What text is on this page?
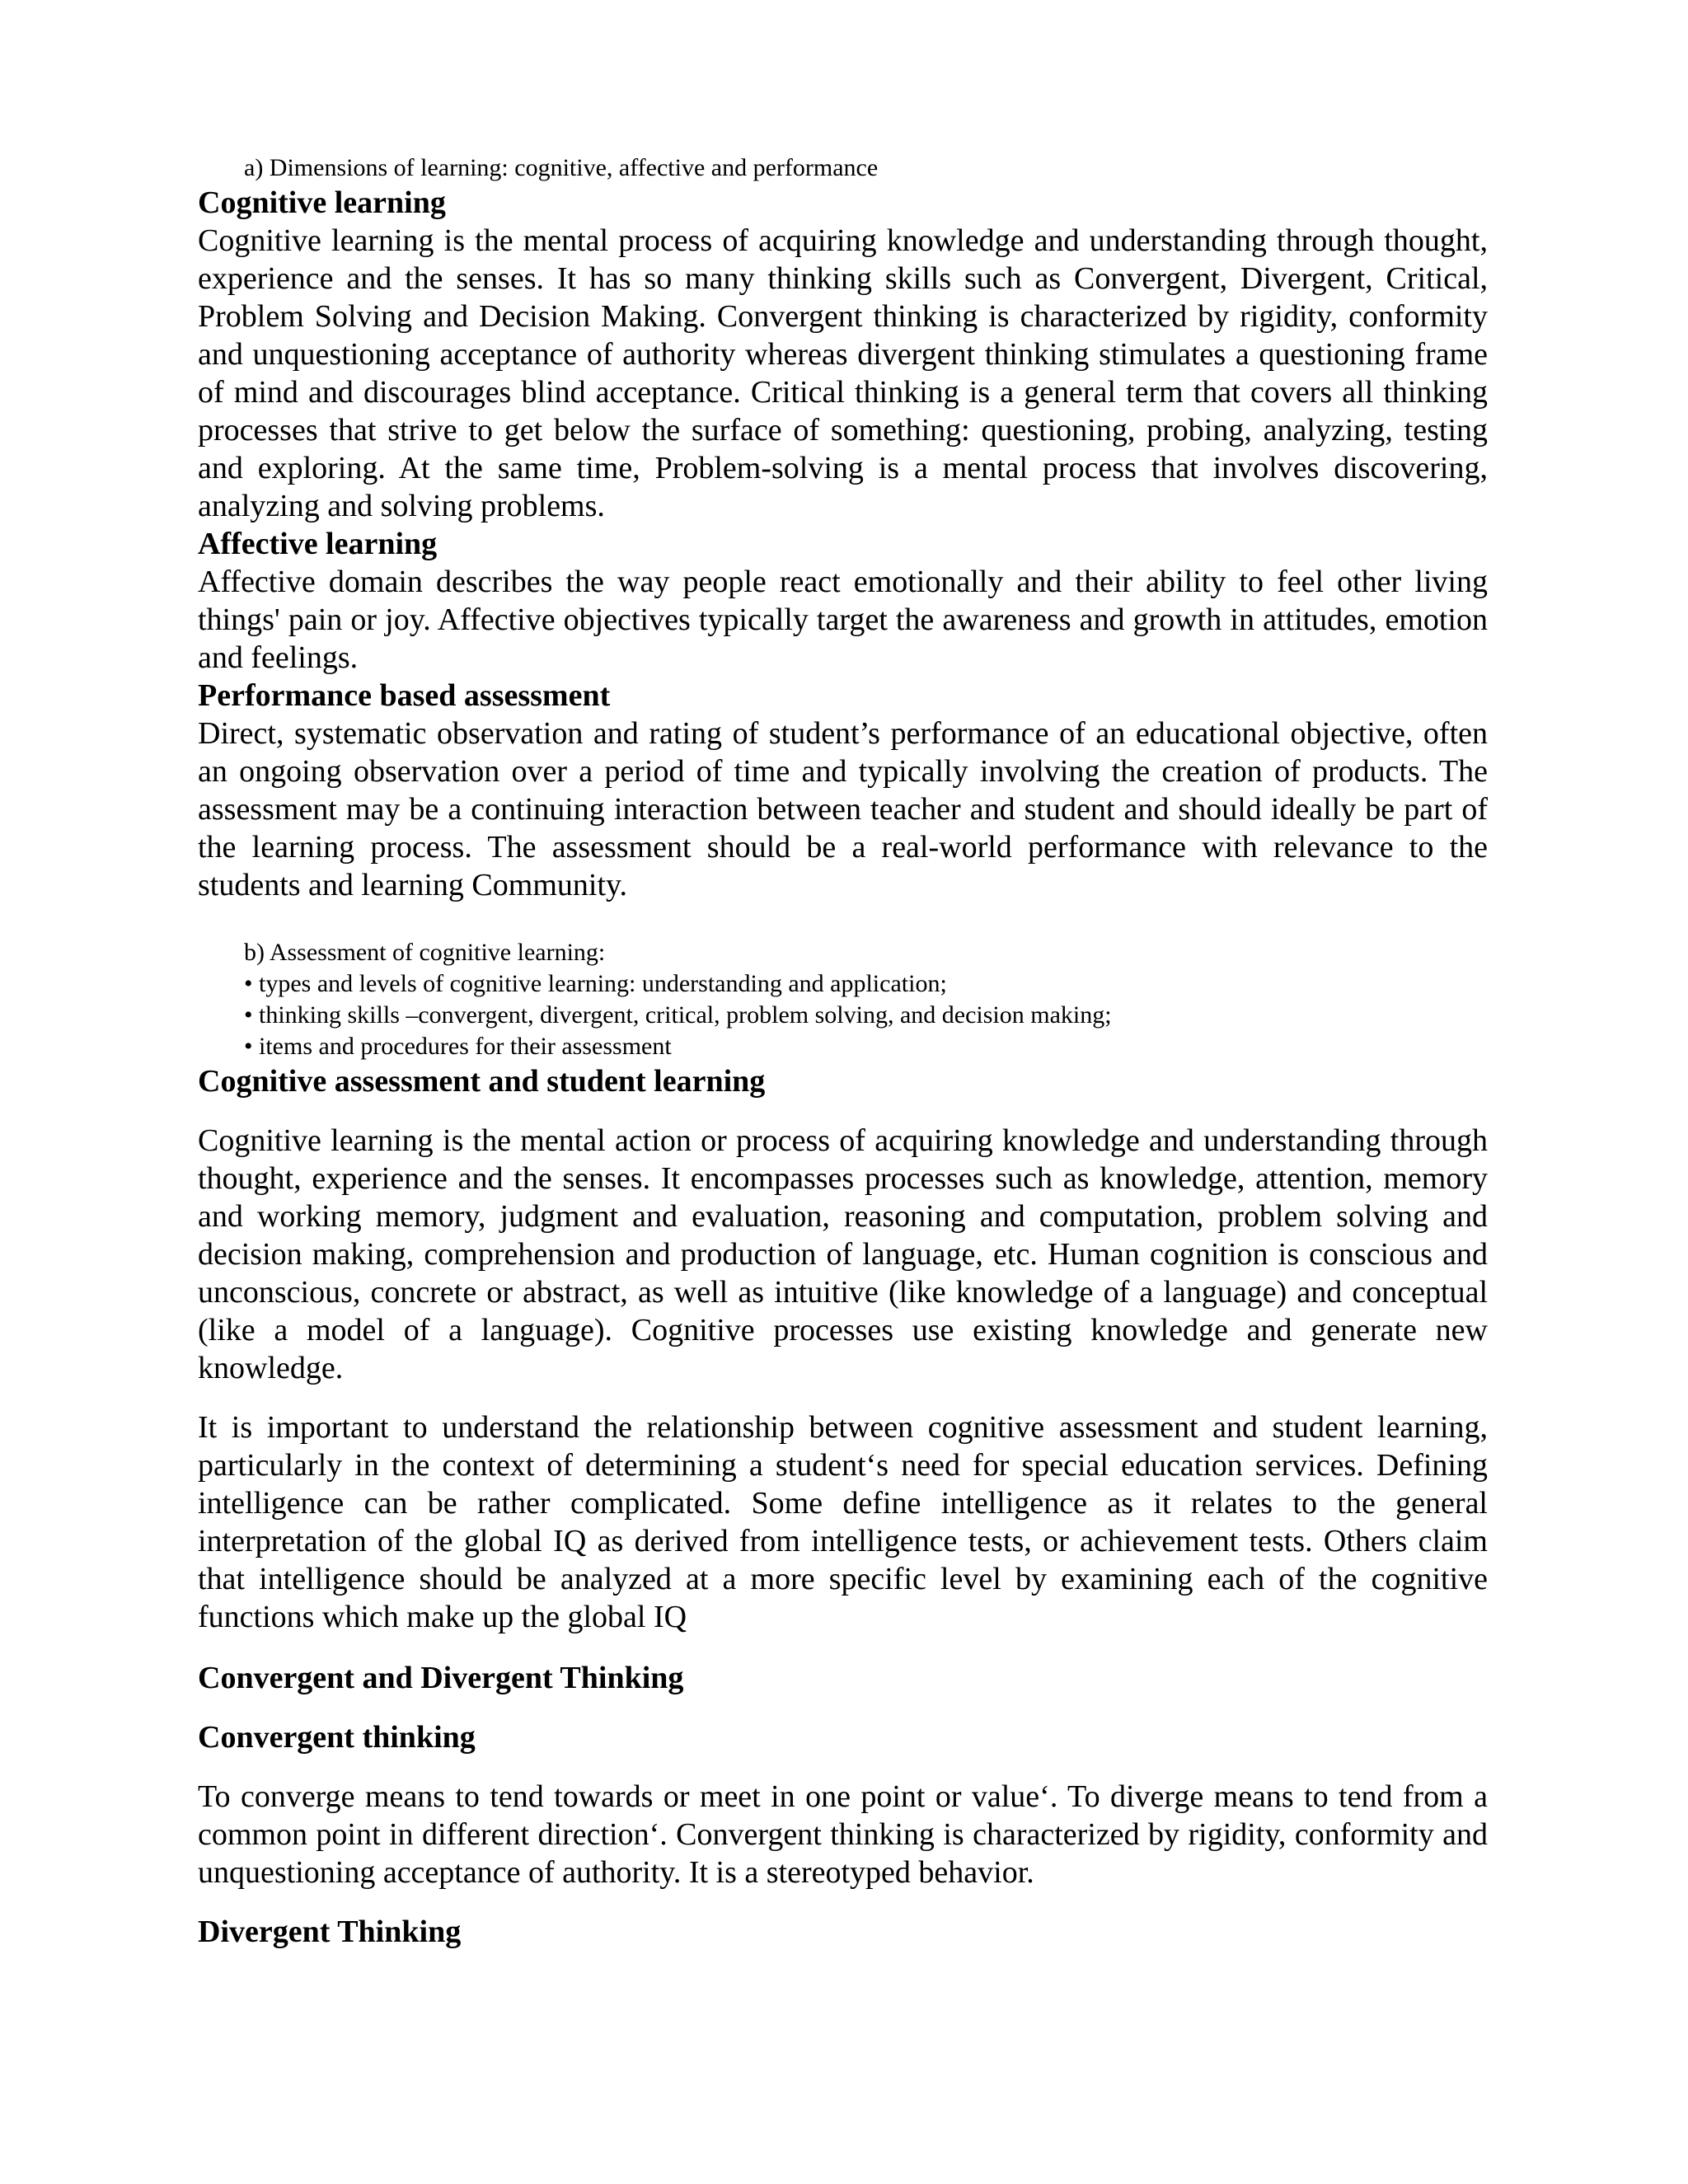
a) Dimensions of learning: cognitive, affective and performance

Cognitive learning

Cognitive learning is the mental process of acquiring knowledge and understanding through thought, experience and the senses. It has so many thinking skills such as Convergent, Divergent, Critical, Problem Solving and Decision Making. Convergent thinking is characterized by rigidity, conformity and unquestioning acceptance of authority whereas divergent thinking stimulates a questioning frame of mind and discourages blind acceptance. Critical thinking is a general term that covers all thinking processes that strive to get below the surface of something: questioning, probing, analyzing, testing and exploring. At the same time, Problem-solving is a mental process that involves discovering, analyzing and solving problems.

Affective learning

Affective domain describes the way people react emotionally and their ability to feel other living things' pain or joy. Affective objectives typically target the awareness and growth in attitudes, emotion and feelings.

Performance based assessment

Direct, systematic observation and rating of student’s performance of an educational objective, often an ongoing observation over a period of time and typically involving the creation of products. The assessment may be a continuing interaction between teacher and student and should ideally be part of the learning process. The assessment should be a real-world performance with relevance to the students and learning Community.

b) Assessment of cognitive learning:

• types and levels of cognitive learning: understanding and application;

• thinking skills –convergent, divergent, critical, problem solving, and decision making;

• items and procedures for their assessment

Cognitive assessment and student learning

Cognitive learning is the mental action or process of acquiring knowledge and understanding through thought, experience and the senses. It encompasses processes such as knowledge, attention, memory and working memory, judgment and evaluation, reasoning and computation, problem solving and decision making, comprehension and production of language, etc. Human cognition is conscious and unconscious, concrete or abstract, as well as intuitive (like knowledge of a language) and conceptual (like a model of a language). Cognitive processes use existing knowledge and generate new knowledge.

It is important to understand the relationship between cognitive assessment and student learning, particularly in the context of determining a student‘s need for special education services. Defining intelligence can be rather complicated. Some define intelligence as it relates to the general interpretation of the global IQ as derived from intelligence tests, or achievement tests. Others claim that intelligence should be analyzed at a more specific level by examining each of the cognitive functions which make up the global IQ

Convergent and Divergent Thinking

Convergent thinking

To converge means to tend towards or meet in one point or value‘. To diverge means to tend from a common point in different direction‘. Convergent thinking is characterized by rigidity, conformity and unquestioning acceptance of authority. It is a stereotyped behavior.

Divergent Thinking
